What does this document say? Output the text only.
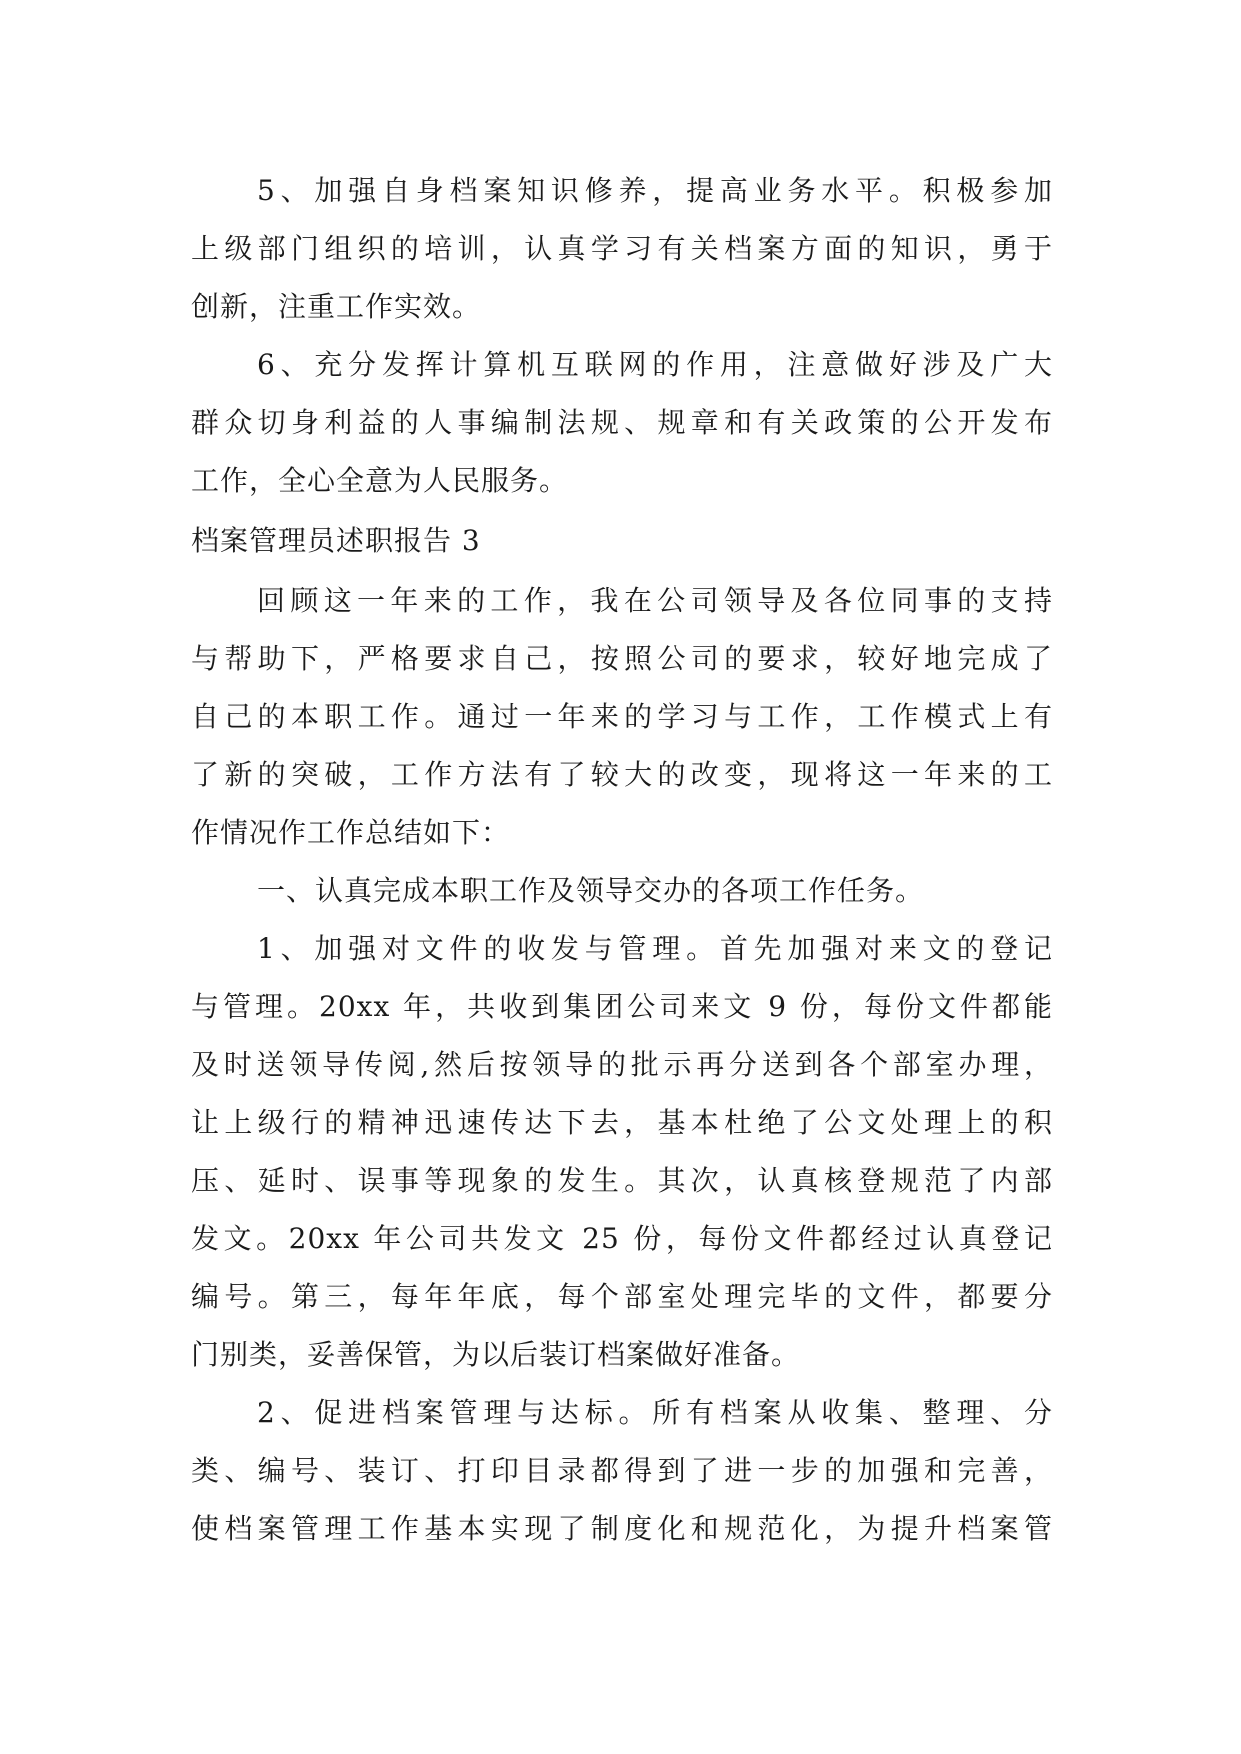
5、加强自身档案知识修养，提高业务水平。积极参加
上级部门组织的培训，认真学习有关档案方面的知识，勇于
创新，注重工作实效。
6、充分发挥计算机互联网的作用，注意做好涉及广大
群众切身利益的人事编制法规、规章和有关政策的公开发布
工作，全心全意为人民服务。
档案管理员述职报告 3
回顾这一年来的工作，我在公司领导及各位同事的支持
与帮助下，严格要求自己，按照公司的要求，较好地完成了
自己的本职工作。通过一年来的学习与工作，工作模式上有
了新的突破，工作方法有了较大的改变，现将这一年来的工
作情况作工作总结如下：
一、认真完成本职工作及领导交办的各项工作任务。
1、加强对文件的收发与管理。首先加强对来文的登记
与管理。20xx 年，共收到集团公司来文 9 份，每份文件都能
及时送领导传阅,然后按领导的批示再分送到各个部室办理，
让上级行的精神迅速传达下去，基本杜绝了公文处理上的积
压、延时、误事等现象的发生。其次，认真核登规范了内部
发文。20xx 年公司共发文 25 份，每份文件都经过认真登记
编号。第三，每年年底，每个部室处理完毕的文件，都要分
门别类，妥善保管，为以后装订档案做好准备。
2、促进档案管理与达标。所有档案从收集、整理、分
类、编号、装订、打印目录都得到了进一步的加强和完善，
使档案管理工作基本实现了制度化和规范化，为提升档案管
